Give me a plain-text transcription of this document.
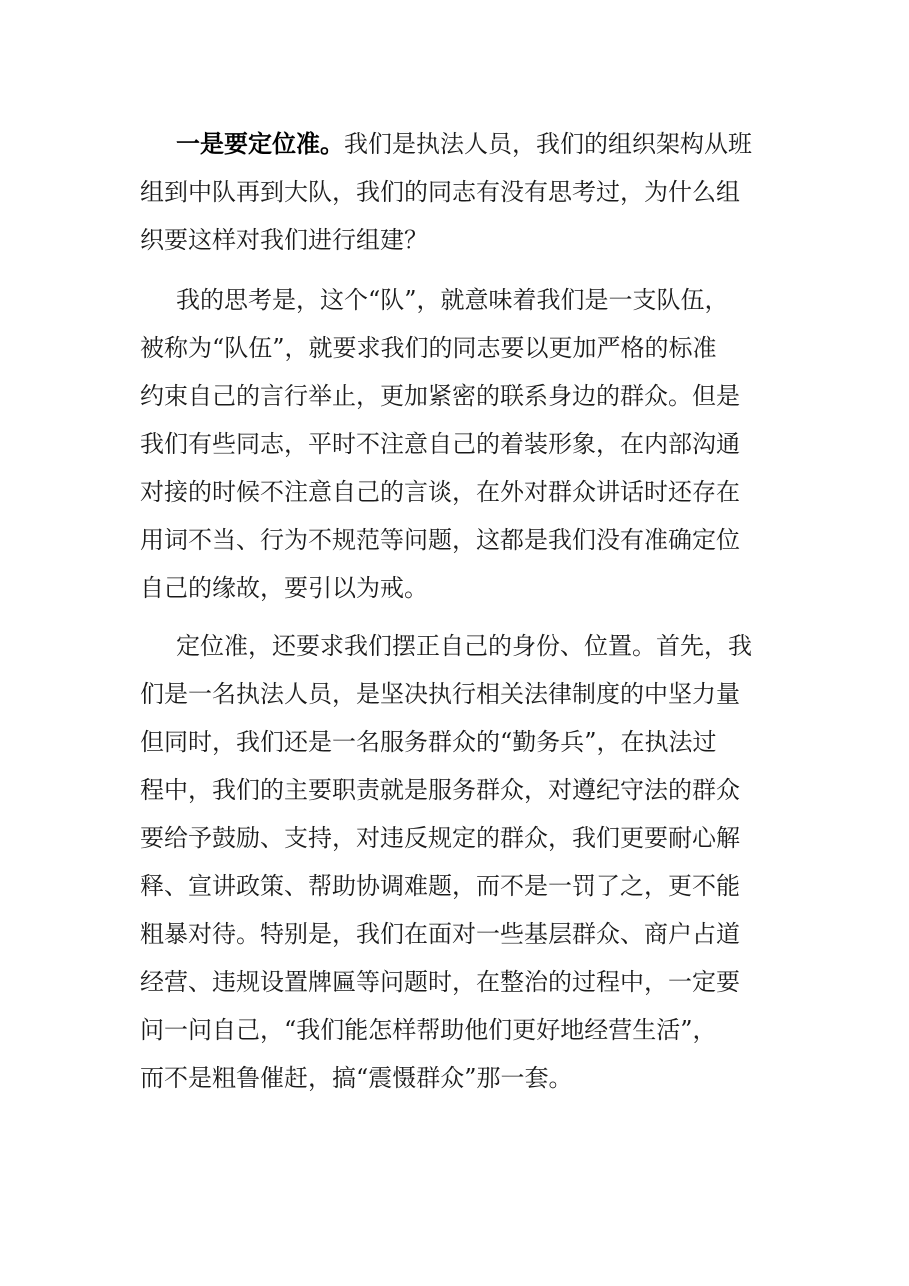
一是要定位准。我们是执法人员，我们的组织架构从班
组到中队再到大队，我们的同志有没有思考过，为什么组
织要这样对我们进行组建？
我的思考是，这个“队”，就意味着我们是一支队伍，
被称为“队伍”，就要求我们的同志要以更加严格的标准
约束自己的言行举止，更加紧密的联系身边的群众。但是
我们有些同志，平时不注意自己的着装形象，在内部沟通
对接的时候不注意自己的言谈，在外对群众讲话时还存在
用词不当、行为不规范等问题，这都是我们没有准确定位
自己的缘故，要引以为戒。
定位准，还要求我们摆正自己的身份、位置。首先，我
们是一名执法人员，是坚决执行相关法律制度的中坚力量
但同时，我们还是一名服务群众的“勤务兵”，在执法过
程中，我们的主要职责就是服务群众，对遵纪守法的群众
要给予鼓励、支持，对违反规定的群众，我们更要耐心解
释、宣讲政策、帮助协调难题，而不是一罚了之，更不能
粗暴对待。特别是，我们在面对一些基层群众、商户占道
经营、违规设置牌匾等问题时，在整治的过程中，一定要
问一问自己，“我们能怎样帮助他们更好地经营生活”，
而不是粗鲁催赶，搞“震慑群众”那一套。
